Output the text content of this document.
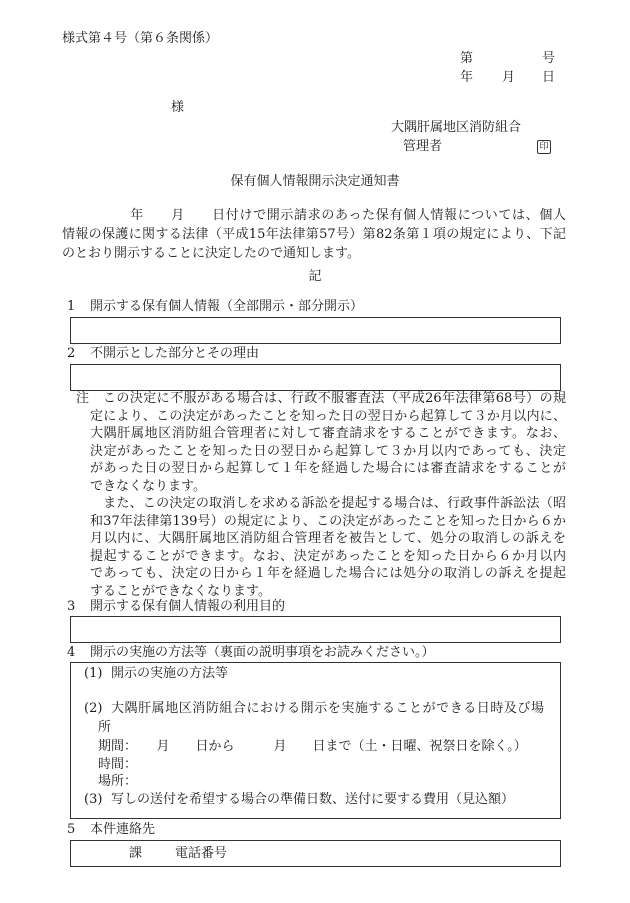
様式第４号（第６条関係）
第	号
年 月 日
様
大隅肝属地区消防組合
管理者	印
保有個人情報開示決定通知書
　　　　　年　　月　　日付けで開示請求のあった保有個人情報については、個人
情報の保護に関する法律（平成15年法律第57号）第82条第１項の規定により、下記
のとおり開示することに決定したので通知します。
記
1 開示する保有個人情報（全部開示・部分開示）
2 不開示とした部分とその理由
注	この決定に不服がある場合は、行政不服審査法（平成26年法律第68号）の規
定により、この決定があったことを知った日の翌日から起算して３か月以内に、
大隅肝属地区消防組合管理者に対して審査請求をすることができます。なお、
決定があったことを知った日の翌日から起算して３か月以内であっても、決定
があった日の翌日から起算して１年を経過した場合には審査請求をすることが
できなくなります。
　また、この決定の取消しを求める訴訟を提起する場合は、行政事件訴訟法（昭
和37年法律第139号）の規定により、この決定があったことを知った日から６か
月以内に、大隅肝属地区消防組合管理者を被告として、処分の取消しの訴えを
提起することができます。なお、決定があったことを知った日から６か月以内
であっても、決定の日から１年を経過した場合には処分の取消しの訴えを提起
することができなくなります。
3 開示する保有個人情報の利用目的
4 開示の実施の方法等（裏面の説明事項をお読みください。）
(1) 開示の実施の方法等
(2) 大隅肝属地区消防組合における開示を実施することができる日時及び場
所
期間：　　月　　日から　　　月　　日まで（土・日曜、祝祭日を除く。）
時間：
場所：
(3) 写しの送付を希望する場合の準備日数、送付に要する費用（見込額）
5 本件連絡先
課	電話番号
